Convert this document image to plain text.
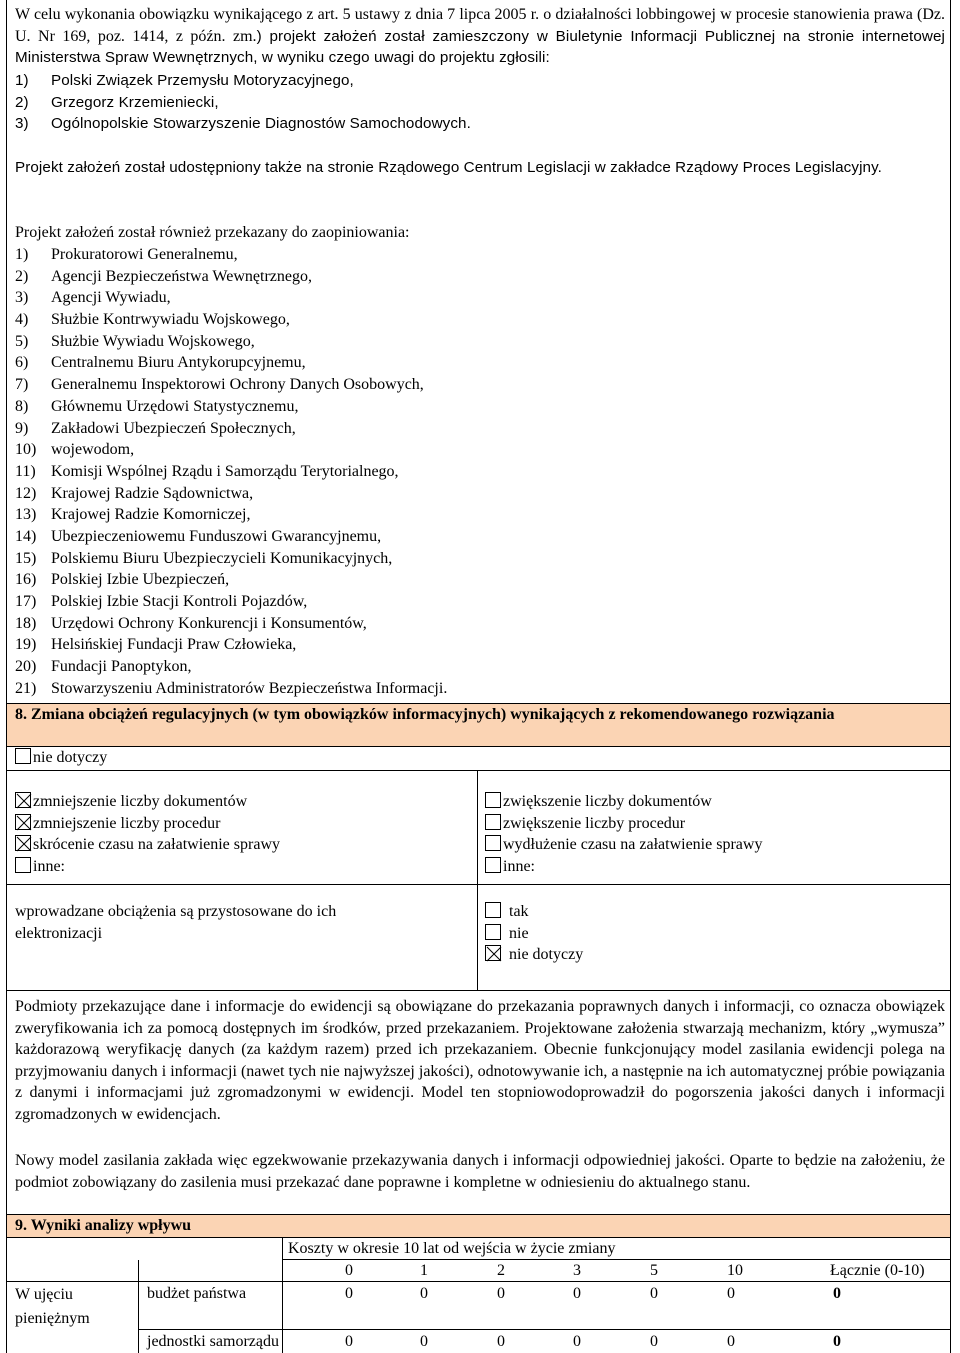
W celu wykonania obowiązku wynikającego z art. 5 ustawy z dnia 7 lipca 2005 r. o działalności lobbingowej w procesie stanowienia prawa (Dz. U. Nr 169, poz. 1414, z późn. zm.) projekt założeń został zamieszczony w Biuletynie Informacji Publicznej na stronie internetowej Ministerstwa Spraw Wewnętrznych, w wyniku czego uwagi do projektu zgłosili:

1)	Polski Związek Przemysłu Motoryzacyjnego,
2)	Grzegorz Krzemieniecki,
3)	Ogólnopolskie Stowarzyszenie Diagnostów Samochodowych.

Projekt założeń został udostępniony także na stronie Rządowego Centrum Legislacji w zakładce Rządowy Proces Legislacyjny.

Projekt założeń został również przekazany do zaopiniowania:

1)	Prokuratorowi Generalnemu,
2)	Agencji Bezpieczeństwa Wewnętrznego,
3)	Agencji Wywiadu,
4)	Służbie Kontrwywiadu Wojskowego,
5)	Służbie Wywiadu Wojskowego,
6)	Centralnemu Biuru Antykorupcyjnemu,
7)	Generalnemu Inspektorowi Ochrony Danych Osobowych,
8)	Głównemu Urzędowi Statystycznemu,
9)	Zakładowi Ubezpieczeń Społecznych,
10) wojewodom,
11) Komisji Wspólnej Rządu i Samorządu Terytorialnego,
12) Krajowej Radzie Sądownictwa,
13) Krajowej Radzie Komorniczej,
14) Ubezpieczeniowemu Funduszowi Gwarancyjnemu,
15) Polskiemu Biuru Ubezpieczycieli Komunikacyjnych,
16) Polskiej Izbie Ubezpieczeń,
17) Polskiej Izbie Stacji Kontroli Pojazdów,
18) Urzędowi Ochrony Konkurencji i Konsumentów,
19) Helsińskiej Fundacji Praw Człowieka,
20) Fundacji Panoptykon,
21) Stowarzyszeniu Administratorów Bezpieczeństwa Informacji.
8. Zmiana obciążeń regulacyjnych (w tym obowiązków informacyjnych) wynikających z rekomendowanego rozwiązania
nie dotyczy
zmniejszenie liczby dokumentów
zmniejszenie liczby procedur
skrócenie czasu na załatwienie sprawy
inne:
zwiększenie liczby dokumentów
zwiększenie liczby procedur
wydłużenie czasu na załatwienie sprawy
inne:

wprowadzane obciążenia są przystosowane do ich elektronizacji

tak
nie
nie dotyczy

Podmioty przekazujące dane i informacje do ewidencji są obowiązane do przekazania poprawnych danych i informacji, co oznacza obowiązek zweryfikowania ich za pomocą dostępnych im środków, przed przekazaniem. Projektowane założenia stwarzają mechanizm, który „wymusza” każdorazową weryfikację danych (za każdym razem) przed ich przekazaniem. Obecnie funkcjonujący model zasilania ewidencji polega na przyjmowaniu danych i informacji (nawet tych nie najwyższej jakości), odnotowywanie ich, a następnie na ich automatycznej próbie powiązania z danymi i informacjami już zgromadzonymi w ewidencji. Model ten stopniowodoprowadził do pogorszenia jakości danych i informacji zgromadzonych w ewidencjach.

Nowy model zasilania zakłada więc egzekwowanie przekazywania danych i informacji odpowiedniej jakości. Oparte to będzie na założeniu, że podmiot zobowiązany do zasilenia musi przekazać dane poprawne i kompletne w odniesieniu do aktualnego stanu.

9. Wyniki analizy wpływu
Koszty w okresie 10 lat od wejścia w życie zmiany
0	1	2	3	5	10	Łącznie (0-10)
W ujęciu pieniężnym
budżet państwa	0	0	0	0	0	0	0
jednostki samorządu	0	0	0	0	0	0	0
